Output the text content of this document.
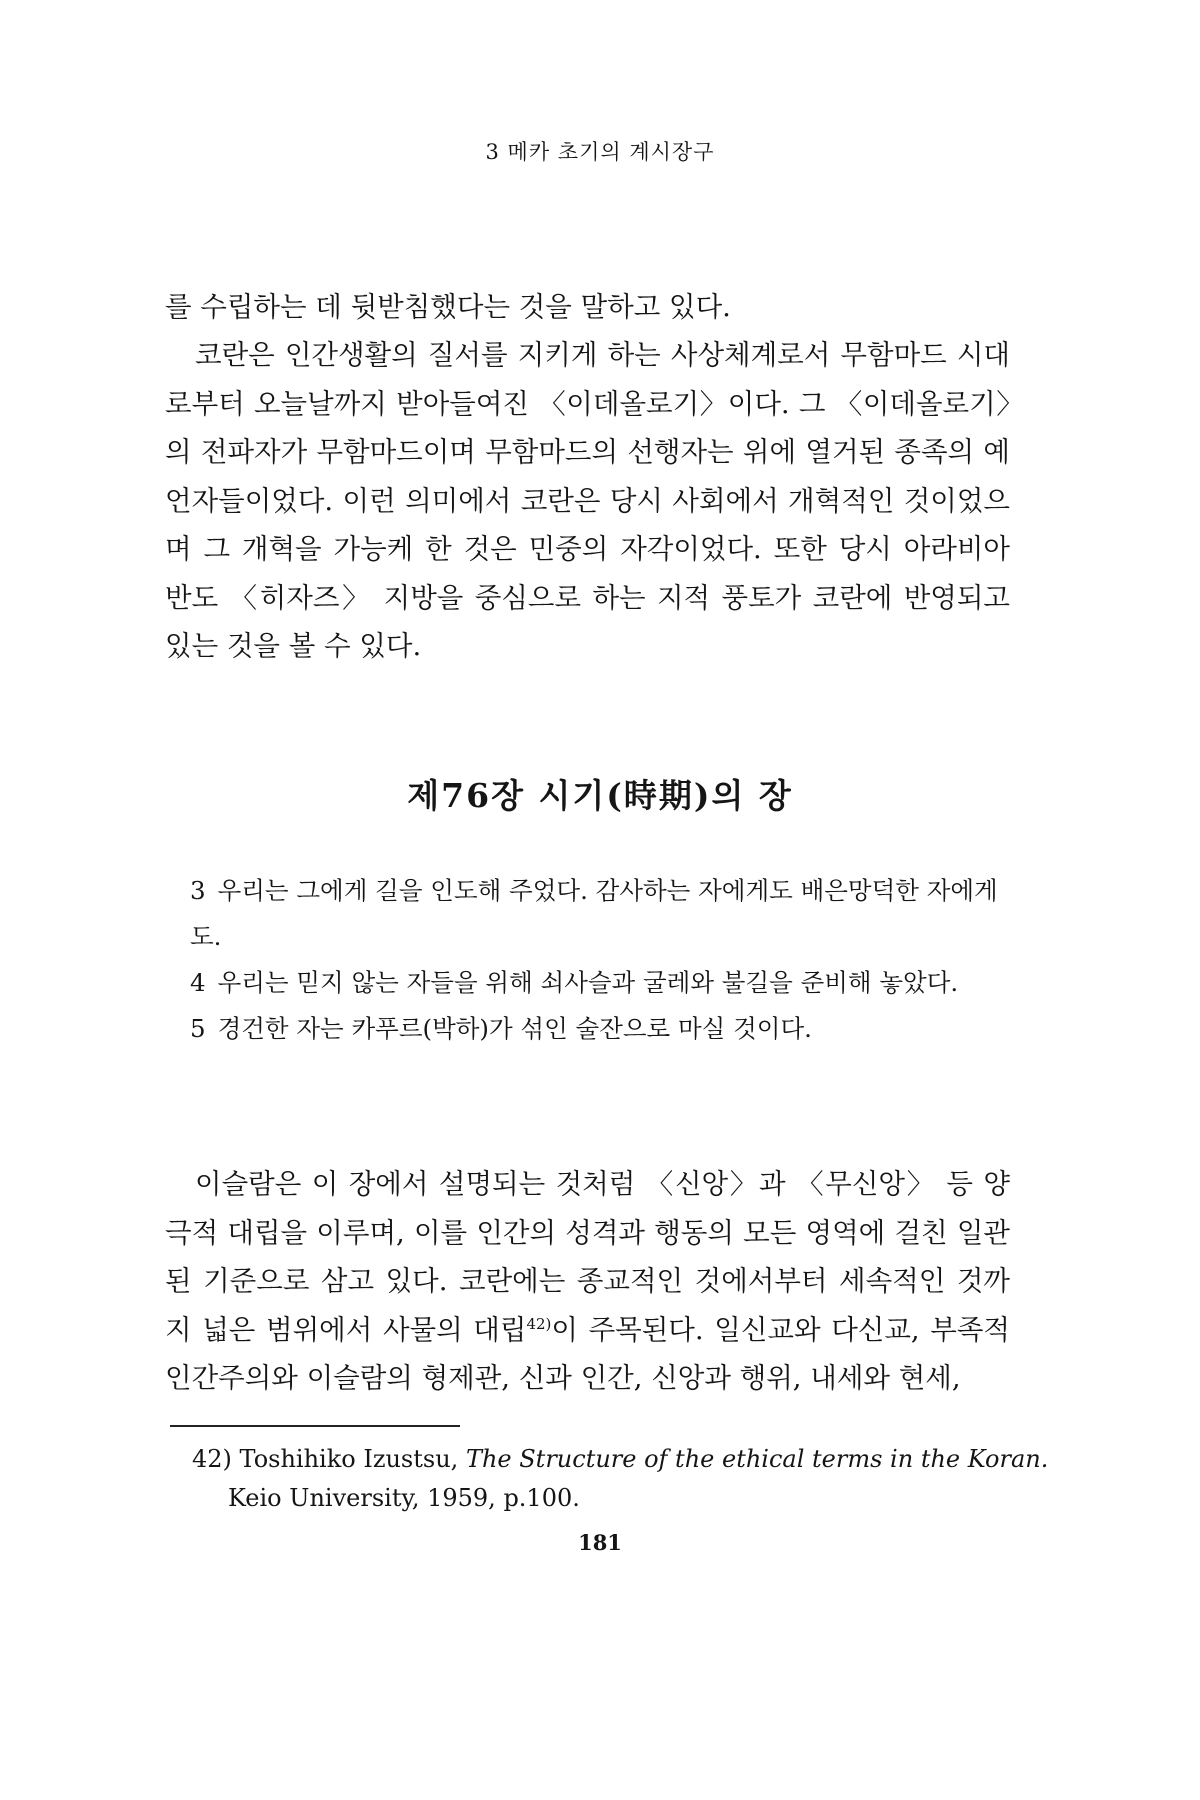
3 메카 초기의 계시장구

를 수립하는 데 뒷받침했다는 것을 말하고 있다.

코란은 인간생활의 질서를 지키게 하는 사상체계로서 무함마드 시대로부터 오늘날까지 받아들여진 〈이데올로기〉이다. 그 〈이데올로기〉의 전파자가 무함마드이며 무함마드의 선행자는 위에 열거된 종족의 예언자들이었다. 이런 의미에서 코란은 당시 사회에서 개혁적인 것이었으며 그 개혁을 가능케 한 것은 민중의 자각이었다. 또한 당시 아라비아 반도 〈히자즈〉 지방을 중심으로 하는 지적 풍토가 코란에 반영되고 있는 것을 볼 수 있다.

제76장 시기(時期)의 장

3 우리는 그에게 길을 인도해 주었다. 감사하는 자에게도 배은망덕한 자에게도.

4 우리는 믿지 않는 자들을 위해 쇠사슬과 굴레와 불길을 준비해 놓았다.

5 경건한 자는 카푸르(박하)가 섞인 술잔으로 마실 것이다.

이슬람은 이 장에서 설명되는 것처럼 〈신앙〉과 〈무신앙〉 등 양극적 대립을 이루며, 이를 인간의 성격과 행동의 모든 영역에 걸친 일관된 기준으로 삼고 있다. 코란에는 종교적인 것에서부터 세속적인 것까지 넓은 범위에서 사물의 대립$^{42)}$이 주목된다. 일신교와 다신교, 부족적 인간주의와 이슬람의 형제관, 신과 인간, 신앙과 행위, 내세와 현세,

42) Toshihiko Izustsu, The Structure of the ethical terms in the Koran. Keio University, 1959, p.100.

181
